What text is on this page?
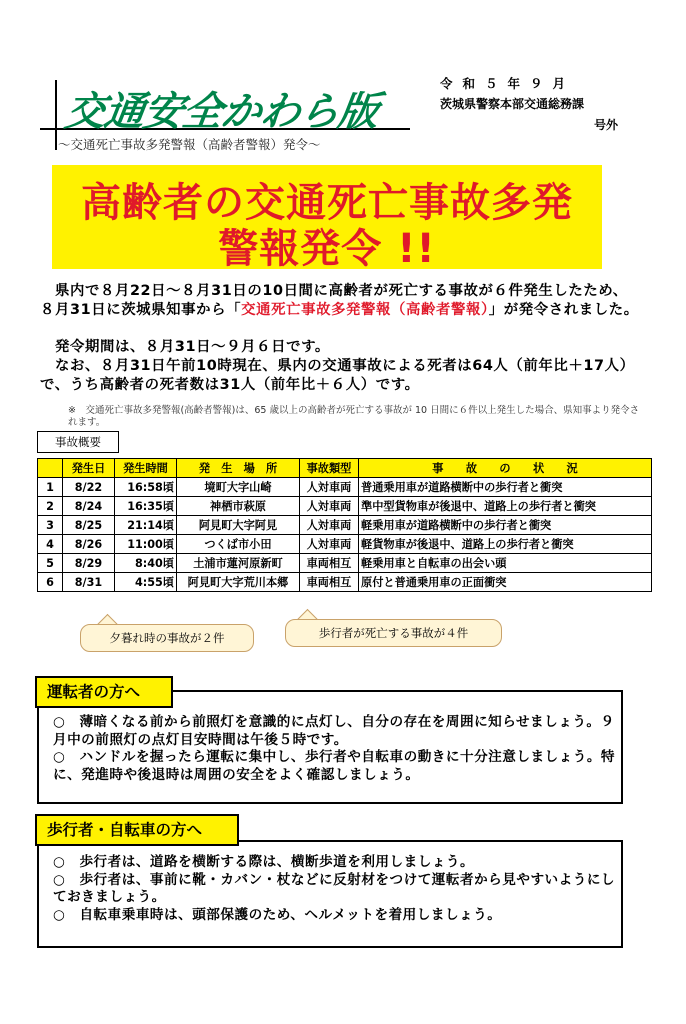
交通安全かわら版
～交通死亡事故多発警報（高齢者警報）発令～
令和５年９月
茨城県警察本部交通総務課
号外
高齢者の交通死亡事故多発
警報発令 !!
　県内で８月22日～８月31日の10日間に高齢者が死亡する事故が６件発生したため、８月31日に茨城県知事から「交通死亡事故多発警報（高齢者警報）」が発令されました。
　発令期間は、８月31日～９月６日です。
　なお、８月31日午前10時現在、県内の交通事故による死者は64人（前年比＋17人）で、うち高齢者の死者数は31人（前年比＋６人）です。
※　交通死亡事故多発警報(高齢者警報)は、65 歳以上の高齢者が死亡する事故が 10 日間に６件以上発生した場合、県知事より発令されます。
事故概要
	発生日	発生時間	発　生　場　所	事故類型	事　　故　　の　　状　　況
1	8/22	16:58頃	境町大字山崎	人対車両	普通乗用車が道路横断中の歩行者と衝突
2	8/24	16:35頃	神栖市萩原	人対車両	準中型貨物車が後退中、道路上の歩行者と衝突
3	8/25	21:14頃	阿見町大字阿見	人対車両	軽乗用車が道路横断中の歩行者と衝突
4	8/26	11:00頃	つくば市小田	人対車両	軽貨物車が後退中、道路上の歩行者と衝突
5	8/29	8:40頃	土浦市蓮河原新町	車両相互	軽乗用車と自転車の出会い頭
6	8/31	4:55頃	阿見町大字荒川本郷	車両相互	原付と普通乗用車の正面衝突
夕暮れ時の事故が２件	歩行者が死亡する事故が４件

○　薄暗くなる前から前照灯を意識的に点灯し、自分の存在を周囲に知らせましょう。９月中の前照灯の点灯目安時間は午後５時です。

○　ハンドルを握ったら運転に集中し、歩行者や自転車の動きに十分注意しましょう。特に、発進時や後退時は周囲の安全をよく確認しましょう。

運転者の方へ

○　歩行者は、道路を横断する際は、横断歩道を利用しましょう。

○　歩行者は、事前に靴・カバン・杖などに反射材をつけて運転者から見やすいようにしておきましょう。

○　自転車乗車時は、頭部保護のため、ヘルメットを着用しましょう。

歩行者・自転車の方へ
